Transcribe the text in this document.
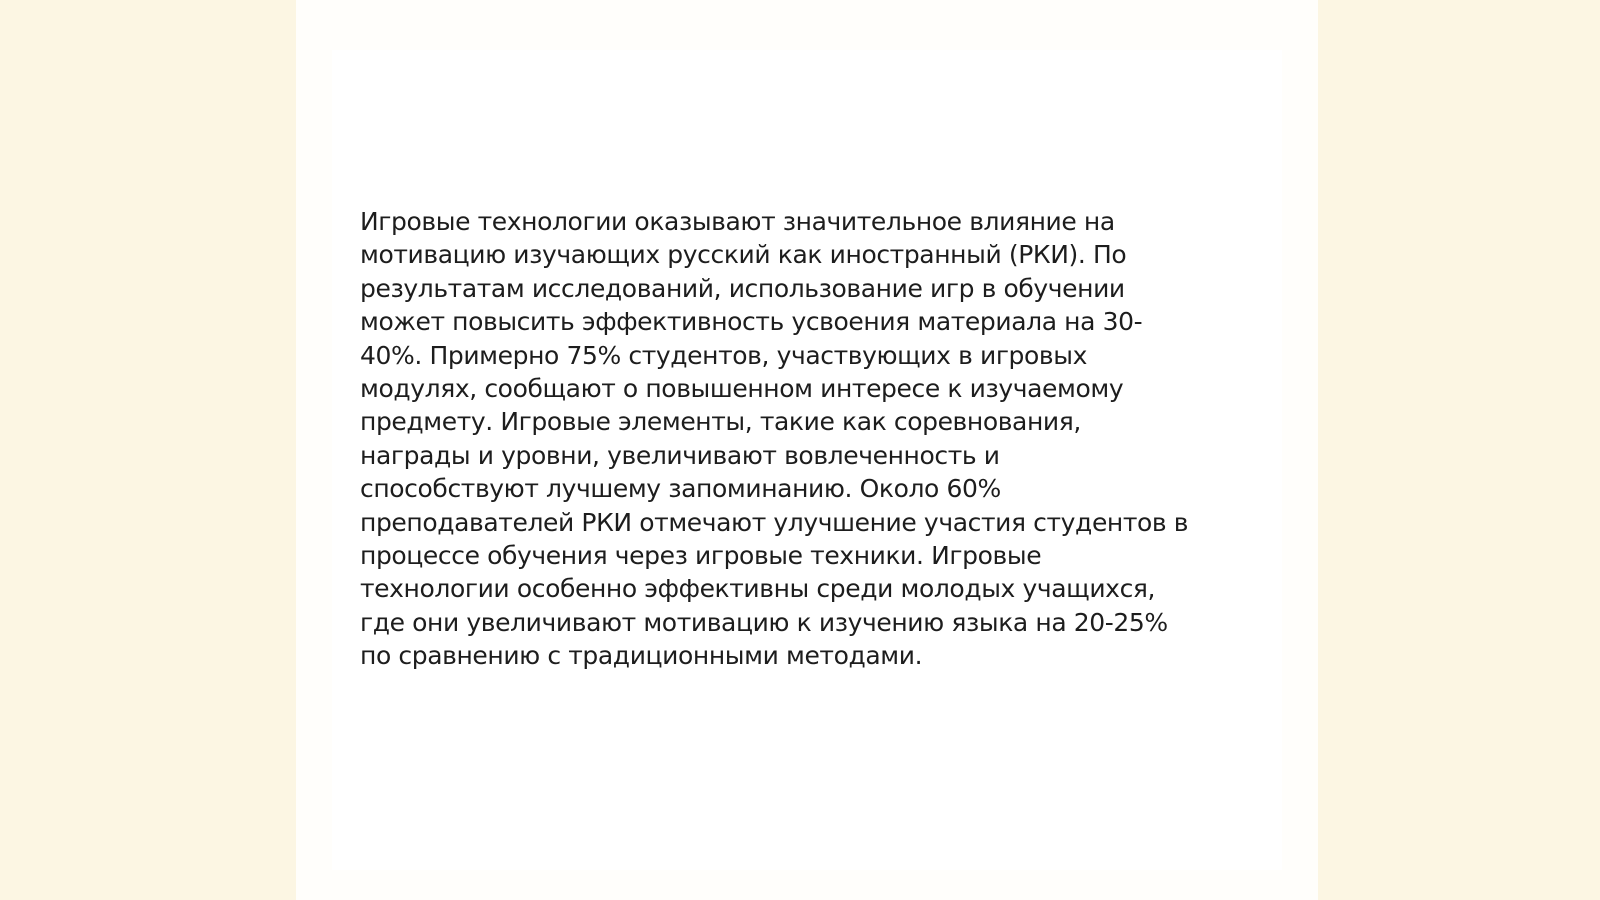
Игровые технологии оказывают значительное влияние на
мотивацию изучающих русский как иностранный (РКИ). По
результатам исследований, использование игр в обучении
может повысить эффективность усвоения материала на 30-
40%. Примерно 75% студентов, участвующих в игровых
модулях, сообщают о повышенном интересе к изучаемому
предмету. Игровые элементы, такие как соревнования,
награды и уровни, увеличивают вовлеченность и
способствуют лучшему запоминанию. Около 60%
преподавателей РКИ отмечают улучшение участия студентов в
процессе обучения через игровые техники. Игровые
технологии особенно эффективны среди молодых учащихся,
где они увеличивают мотивацию к изучению языка на 20-25%
по сравнению с традиционными методами.
